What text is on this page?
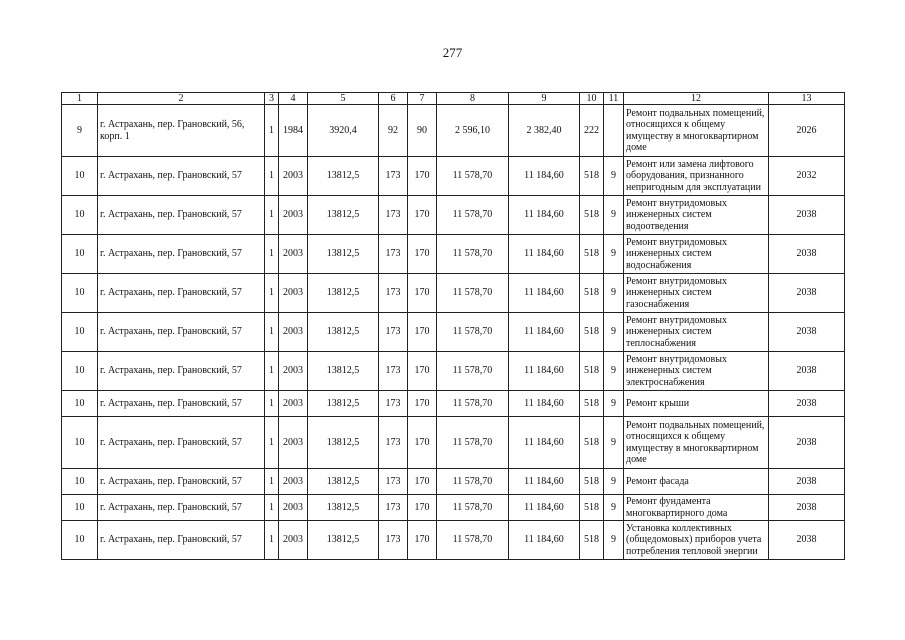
277
1	2	3	4	5	6	7	8	9	10	11	12	13
9	г. Астрахань, пер. Грановский, 56, корп. 1	1	1984	3920,4	92	90	2 596,10	2 382,40	222		Ремонт подвальных помещений, относящихся к общему имуществу в многоквартирном доме	2026
10	г. Астрахань, пер. Грановский, 57	1	2003	13812,5	173	170	11 578,70	11 184,60	518	9	Ремонт или замена лифтового оборудования, признанного непригодным для эксплуатации	2032
10	г. Астрахань, пер. Грановский, 57	1	2003	13812,5	173	170	11 578,70	11 184,60	518	9	Ремонт внутридомовых инженерных систем водоотведения	2038
10	г. Астрахань, пер. Грановский, 57	1	2003	13812,5	173	170	11 578,70	11 184,60	518	9	Ремонт внутридомовых инженерных систем водоснабжения	2038
10	г. Астрахань, пер. Грановский, 57	1	2003	13812,5	173	170	11 578,70	11 184,60	518	9	Ремонт внутридомовых инженерных систем газоснабжения	2038
10	г. Астрахань, пер. Грановский, 57	1	2003	13812,5	173	170	11 578,70	11 184,60	518	9	Ремонт внутридомовых инженерных систем теплоснабжения	2038
10	г. Астрахань, пер. Грановский, 57	1	2003	13812,5	173	170	11 578,70	11 184,60	518	9	Ремонт внутридомовых инженерных систем электроснабжения	2038
10	г. Астрахань, пер. Грановский, 57	1	2003	13812,5	173	170	11 578,70	11 184,60	518	9	Ремонт крыши	2038
10	г. Астрахань, пер. Грановский, 57	1	2003	13812,5	173	170	11 578,70	11 184,60	518	9	Ремонт подвальных помещений, относящихся к общему имуществу в многоквартирном доме	2038
10	г. Астрахань, пер. Грановский, 57	1	2003	13812,5	173	170	11 578,70	11 184,60	518	9	Ремонт фасада	2038
10	г. Астрахань, пер. Грановский, 57	1	2003	13812,5	173	170	11 578,70	11 184,60	518	9	Ремонт фундамента многоквартирного дома	2038
10	г. Астрахань, пер. Грановский, 57	1	2003	13812,5	173	170	11 578,70	11 184,60	518	9	Установка коллективных (общедомовых) приборов учета потребления тепловой энергии	2038
